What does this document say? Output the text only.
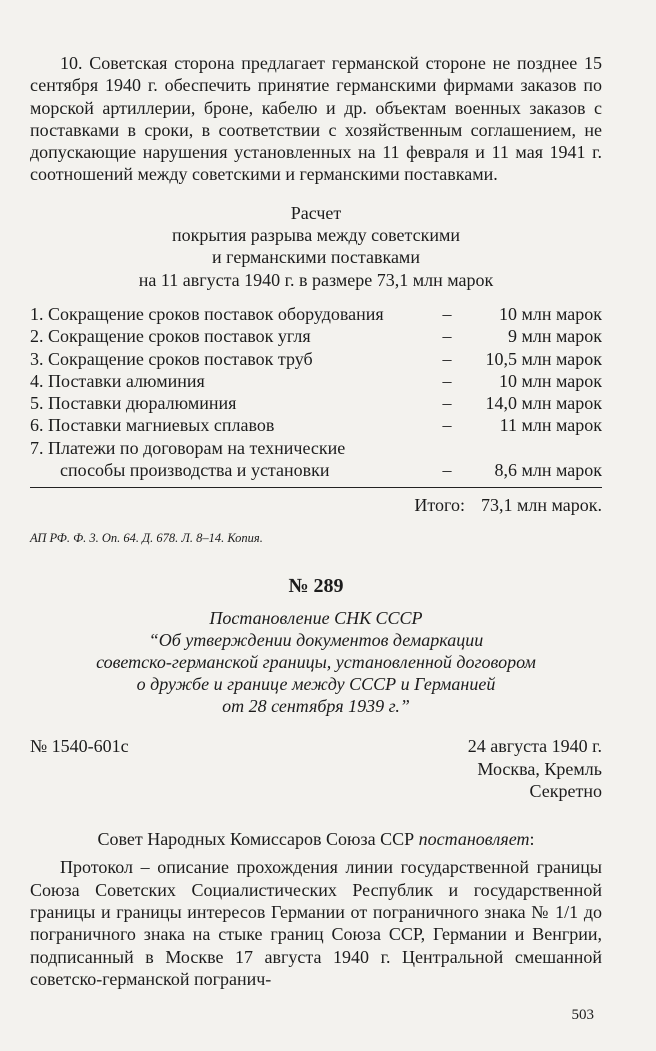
10. Советская сторона предлагает германской стороне не позднее 15 сентября 1940 г. обеспечить принятие германскими фирмами заказов по морской артиллерии, броне, кабелю и др. объектам военных заказов с поставками в сроки, в соответствии с хозяйственным соглашением, не допускающие нарушения установленных на 11 февраля и 11 мая 1941 г. соотношений между советскими и германскими поставками.

Расчет
покрытия разрыва между советскими
и германскими поставками
на 11 августа 1940 г. в размере 73,1 млн марок
1. Сокращение сроков поставок оборудования	–	10 млн марок
2. Сокращение сроков поставок угля	–	9 млн марок
3. Сокращение сроков поставок труб	–	10,5 млн марок
4. Поставки алюминия	–	10 млн марок
5. Поставки дюралюминия	–	14,0 млн марок
6. Поставки магниевых сплавов	–	11 млн марок
7. Платежи по договорам на технические
способы производства и установки	–	8,6 млн марок
Итого: 73,1 млн марок.
АП РФ. Ф. 3. Оп. 64. Д. 678. Л. 8–14. Копия.
№ 289
Постановление СНК СССР
“Об утверждении документов демаркации
советско-германской границы, установленной договором
о дружбе и границе между СССР и Германией
от 28 сентября 1939 г.”
№ 1540-601с	24 августа 1940 г.
Москва, Кремль
Секретно
Совет Народных Комиссаров Союза ССР постановляет:

Протокол – описание прохождения линии государственной границы Союза Советских Социалистических Республик и государственной границы и границы интересов Германии от пограничного знака № 1/1 до пограничного знака на стыке границ Союза ССР, Германии и Венгрии, подписанный в Москве 17 августа 1940 г. Центральной смешанной советско-германской погранич-

503
